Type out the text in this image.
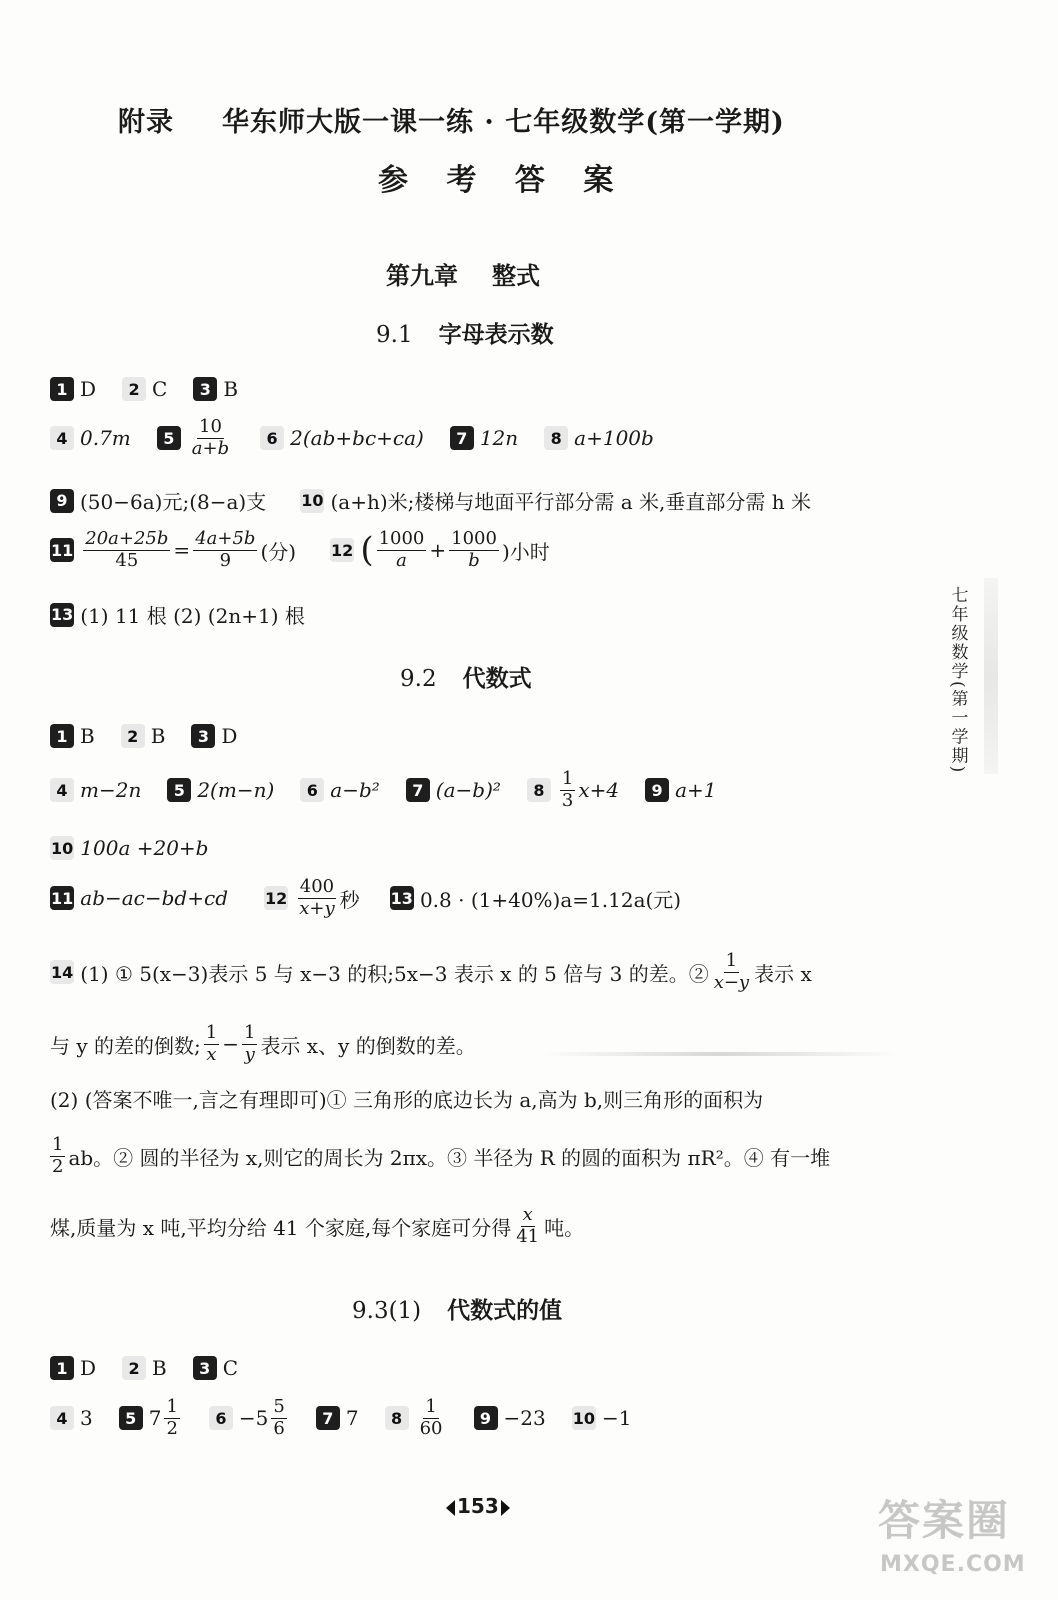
附录 华东师大版一课一练 · 七年级数学(第一学期)
参 考 答 案
第九章 整式
9.1 字母表示数
1 D	2 C	3 B
4 0.7m	$5 \frac{10}{a+b}$	6 2(ab+bc+ca)	7 12n	8 a+100b
9 (50−6a)元;(8−a)支 10 (a+h)米;楼梯与地面平行部分需 a 米,垂直部分需 h 米
$11 \frac{20a+25b}{45} = \frac{4a+5b}{9}$ (分) 12 ( $\frac{1000}{a} + \frac{1000}{b}$ )小时
13 (1) 11 根 (2) (2n+1) 根
9.2 代数式
1 B	2 B	3 D
4 m−2n	5 2(m−n)	6 a−b²	7 (a−b)²	$8 \frac{1}{3} x+4$	9 a+1
10 100a +20+b
11 ab−ac−bd+cd $12 \frac{400}{x+y}$ 秒 13 0.8 · (1+40%)a=1.12a(元)
14 (1) ① 5(x−3)表示 5 与 x−3 的积;5x−3 表示 x 的 5 倍与 3 的差。② $\frac{1}{x-y}$ 表示 x
与 y 的差的倒数; $\frac{1}{x} - \frac{1}{y}$ 表示 x、y 的倒数的差。
(2) (答案不唯一,言之有理即可)① 三角形的底边长为 a,高为 b,则三角形的面积为
$\frac{1}{2}$ ab。② 圆的半径为 x,则它的周长为 2πx。③ 半径为 R 的圆的面积为 πR²。④ 有一堆
煤,质量为 x 吨,平均分给 41 个家庭,每个家庭可分得 $\frac{x}{41}$ 吨。
9.3(1) 代数式的值
1 D	2 B	3 C
4 3	5 $7 \frac{1}{2}$	$6 -5 \frac{5}{6}$	7 7	$8 \frac{1}{60}$	9 −23 10 −1
七年级数学(第一学期)
153	答案圈
MXQE.COM
